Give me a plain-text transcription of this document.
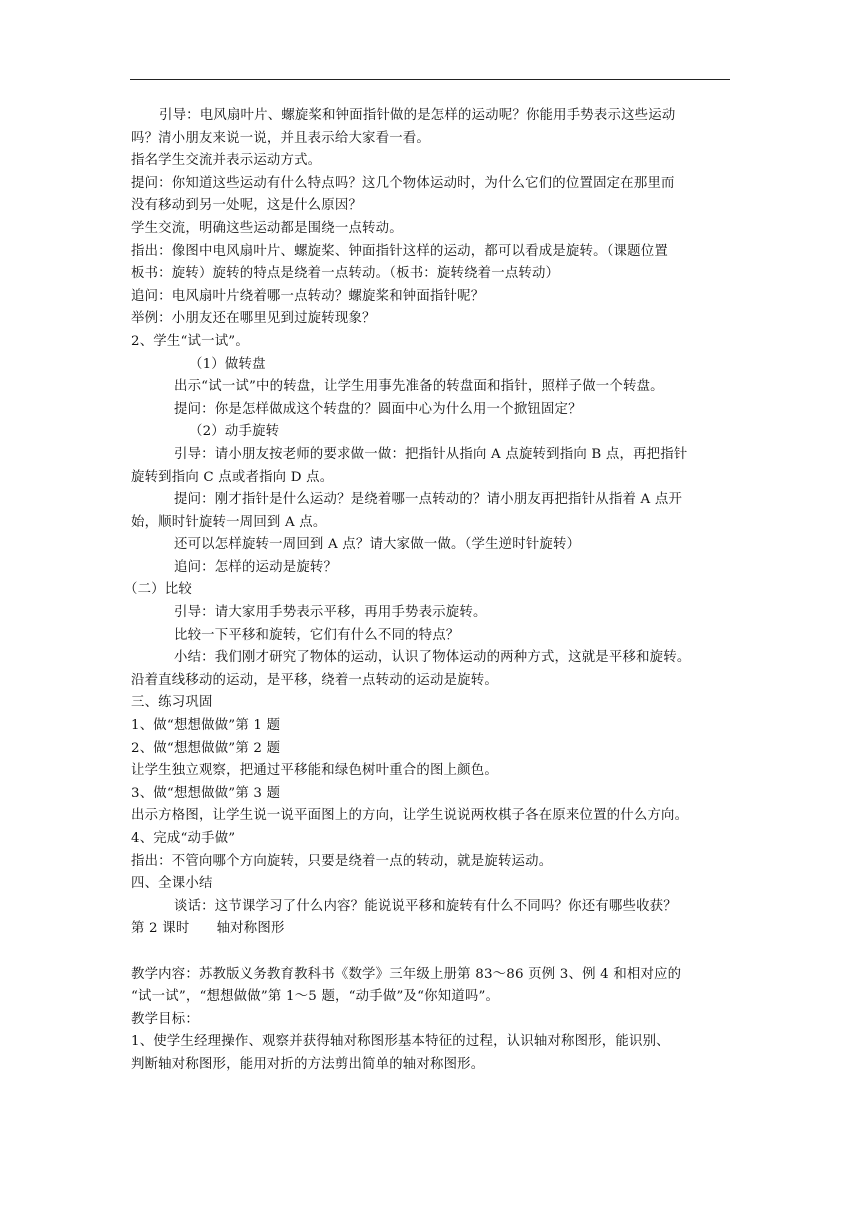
引导：电风扇叶片、螺旋桨和钟面指针做的是怎样的运动呢？你能用手势表示这些运动
吗？清小朋友来说一说，并且表示给大家看一看。
指名学生交流并表示运动方式。
提问：你知道这些运动有什么特点吗？这几个物体运动时，为什么它们的位置固定在那里而
没有移动到另一处呢，这是什么原因？
学生交流，明确这些运动都是围绕一点转动。
指出：像图中电风扇叶片、螺旋桨、钟面指针这样的运动，都可以看成是旋转。（课题位置
板书：旋转）旋转的特点是绕着一点转动。（板书：旋转绕着一点转动）
追问：电风扇叶片绕着哪一点转动？螺旋桨和钟面指针呢？
举例：小朋友还在哪里见到过旋转现象？
2、学生“试一试”。
（1）做转盘
出示“试一试”中的转盘，让学生用事先准备的转盘面和指针，照样子做一个转盘。
提问：你是怎样做成这个转盘的？圆面中心为什么用一个掀钮固定？
（2）动手旋转
引导：请小朋友按老师的要求做一做：把指针从指向 A 点旋转到指向 B 点，再把指针
旋转到指向 C 点或者指向 D 点。
提问：刚才指针是什么运动？是绕着哪一点转动的？请小朋友再把指针从指着 A 点开
始，顺时针旋转一周回到 A 点。
还可以怎样旋转一周回到 A 点？请大家做一做。（学生逆时针旋转）
追问：怎样的运动是旋转？
（二）比较
引导：请大家用手势表示平移，再用手势表示旋转。
比较一下平移和旋转，它们有什么不同的特点？
小结：我们刚才研究了物体的运动，认识了物体运动的两种方式，这就是平移和旋转。
沿着直线移动的运动，是平移，绕着一点转动的运动是旋转。
三、练习巩固
1、做“想想做做”第 1 题
2、做“想想做做”第 2 题
让学生独立观察，把通过平移能和绿色树叶重合的图上颜色。
3、做“想想做做”第 3 题
出示方格图，让学生说一说平面图上的方向，让学生说说两枚棋子各在原来位置的什么方向。
4、完成“动手做”
指出：不管向哪个方向旋转，只要是绕着一点的转动，就是旋转运动。
四、全课小结
谈话：这节课学习了什么内容？能说说平移和旋转有什么不同吗？你还有哪些收获？
第 2 课时　　轴对称图形
教学内容：苏教版义务教育教科书《数学》三年级上册第 83～86 页例 3、例 4 和相对应的
“试一试”，“想想做做”第 1～5 题，“动手做”及“你知道吗”。
教学目标：
1、使学生经理操作、观察并获得轴对称图形基本特征的过程，认识轴对称图形，能识别、
判断轴对称图形，能用对折的方法剪出简单的轴对称图形。
